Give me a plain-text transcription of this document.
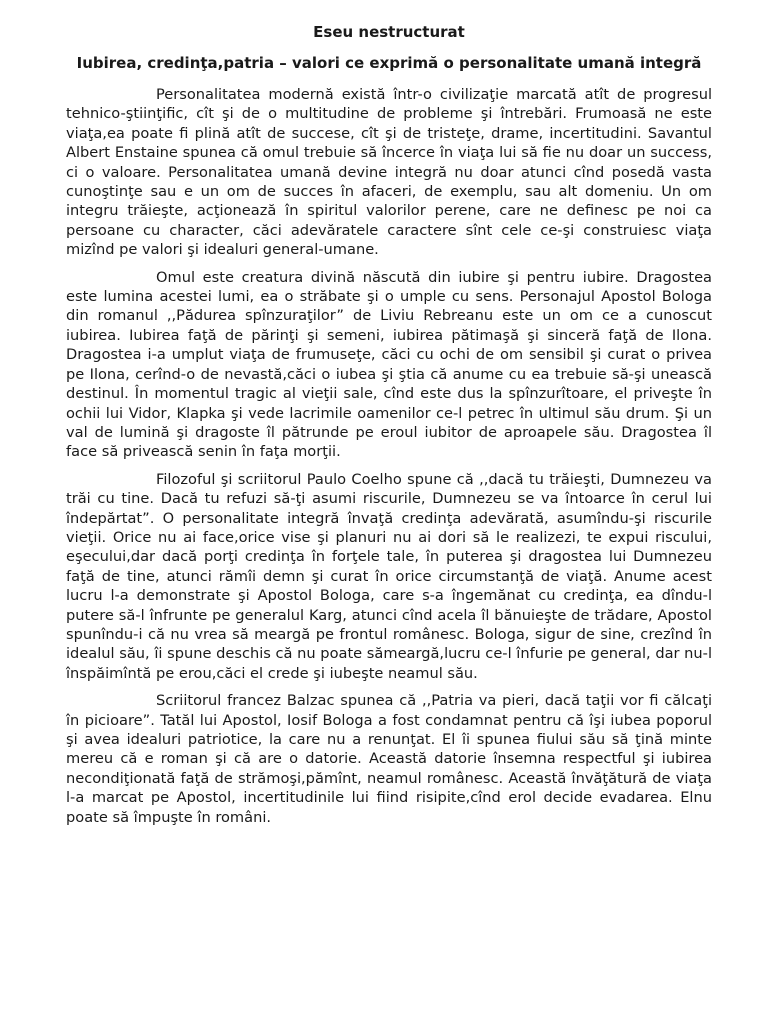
Eseu nestructurat
Iubirea, credinţa,patria – valori ce exprimă o personalitate umană integră

Personalitatea modernă există într-o civilizaţie marcată atît de progresul tehnico-ştiinţific, cît şi de o multitudine de probleme şi întrebări. Frumoasă ne este viaţa,ea poate fi plină atît de succese, cît şi de tristeţe, drame, incertitudini. Savantul Albert Enstaine spunea că omul trebuie să încerce în viaţa lui să fie nu doar un success, ci o valoare. Personalitatea umană devine integră nu doar atunci cînd posedă vasta cunoştinţe sau e un om de succes în afaceri, de exemplu, sau alt domeniu. Un om integru trăieşte, acţionează în spiritul valorilor perene, care ne definesc pe noi ca persoane cu character, căci adevăratele caractere sînt cele ce-şi construiesc viaţa mizînd pe valori şi idealuri general-umane.

Omul este creatura divină născută din iubire şi pentru iubire. Dragostea este lumina acestei lumi, ea o străbate şi o umple cu sens. Personajul Apostol Bologa din romanul ,,Pădurea spînzuraţilor” de Liviu Rebreanu este un om ce a cunoscut iubirea. Iubirea faţă de părinţi şi semeni, iubirea pătimaşă şi sinceră faţă de Ilona. Dragostea i-a umplut viaţa de frumuseţe, căci cu ochi de om sensibil şi curat o privea pe Ilona, cerînd-o de nevastă,căci o iubea şi ştia că anume cu ea trebuie să-şi unească destinul. În momentul tragic al vieţii sale, cînd este dus la spînzurîtoare, el priveşte în ochii lui Vidor, Klapka şi vede lacrimile oamenilor ce-l petrec în ultimul său drum. Şi un val de lumină şi dragoste îl pătrunde pe eroul iubitor de aproapele său. Dragostea îl face să privească senin în faţa morţii.

Filozoful şi scriitorul Paulo Coelho spune că ,,dacă tu trăieşti, Dumnezeu va trăi cu tine. Dacă tu refuzi să-ţi asumi riscurile, Dumnezeu se va întoarce în cerul lui îndepărtat”. O personalitate integră învaţă credinţa adevărată, asumîndu-şi riscurile vieţii. Orice nu ai face,orice vise şi planuri nu ai dori să le realizezi, te expui riscului, eşecului,dar dacă porţi credinţa în forţele tale, în puterea şi dragostea lui Dumnezeu faţă de tine, atunci rămîi demn şi curat în orice circumstanţă de viaţă. Anume acest lucru l-a demonstrate şi Apostol Bologa, care s-a îngemănat cu credinţa, ea dîndu-l putere să-l înfrunte pe generalul Karg, atunci cînd acela îl bănuieşte de trădare, Apostol spunîndu-i că nu vrea să meargă pe frontul românesc. Bologa, sigur de sine, crezînd în idealul său, îi spune deschis că nu poate sămeargă,lucru ce-l înfurie pe general, dar nu-l înspăimîntă pe erou,căci el crede şi iubeşte neamul său.

Scriitorul francez Balzac spunea că ,,Patria va pieri, dacă taţii vor fi călcaţi în picioare”. Tatăl lui Apostol, Iosif Bologa a fost condamnat pentru că îşi iubea poporul şi avea idealuri patriotice, la care nu a renunţat. El îi spunea fiului său să ţină minte mereu că e roman şi că are o datorie. Această datorie însemna respectful şi iubirea necondiţionată faţă de strămoşi,pămînt, neamul românesc. Această învăţătură de viaţa l-a marcat pe Apostol, incertitudinile lui fiind risipite,cînd erol decide evadarea. Elnu poate să împuşte în români.
